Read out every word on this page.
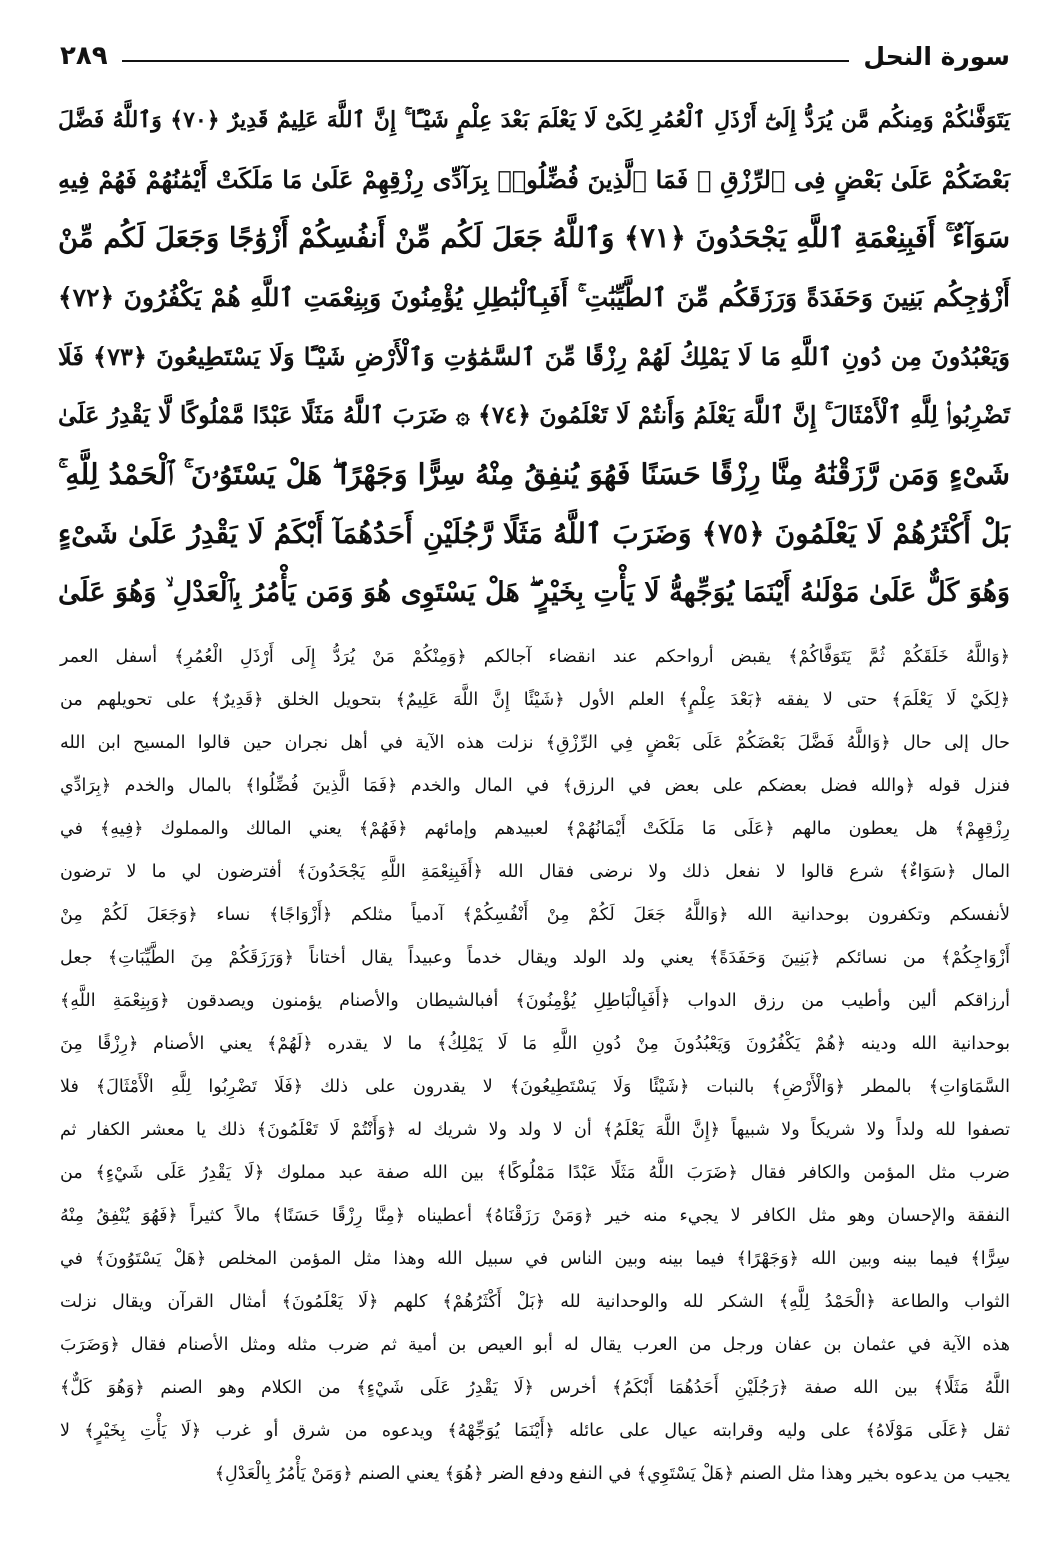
سورة النحل
٢٨٩
يَتَوَفَّىٰكُمْ وَمِنكُم مَّن يُرَدُّ إِلَىٰٓ أَرْذَلِ ٱلْعُمُرِ لِكَىْ لَا يَعْلَمَ بَعْدَ عِلْمٍ شَيْـًٔا ۚ إِنَّ ٱللَّهَ عَلِيمٌ قَدِيرٌ ﴿٧٠﴾ وَٱللَّهُ فَضَّلَ
بَعْضَكُمْ عَلَىٰ بَعْضٍ فِى ٱلرِّزْقِ ۚ فَمَا ٱلَّذِينَ فُضِّلُوا۟ بِرَآدِّى رِزْقِهِمْ عَلَىٰ مَا مَلَكَتْ أَيْمَٰنُهُمْ فَهُمْ فِيهِ
سَوَآءٌ ۚ أَفَبِنِعْمَةِ ٱللَّهِ يَجْحَدُونَ ﴿٧١﴾ وَٱللَّهُ جَعَلَ لَكُم مِّنْ أَنفُسِكُمْ أَزْوَٰجًا وَجَعَلَ لَكُم مِّنْ
أَزْوَٰجِكُم بَنِينَ وَحَفَدَةً وَرَزَقَكُم مِّنَ ٱلطَّيِّبَٰتِ ۚ أَفَبِٱلْبَٰطِلِ يُؤْمِنُونَ وَبِنِعْمَتِ ٱللَّهِ هُمْ يَكْفُرُونَ ﴿٧٢﴾
وَيَعْبُدُونَ مِن دُونِ ٱللَّهِ مَا لَا يَمْلِكُ لَهُمْ رِزْقًا مِّنَ ٱلسَّمَٰوَٰتِ وَٱلْأَرْضِ شَيْـًٔا وَلَا يَسْتَطِيعُونَ ﴿٧٣﴾ فَلَا
تَضْرِبُوا۟ لِلَّهِ ٱلْأَمْثَالَ ۚ إِنَّ ٱللَّهَ يَعْلَمُ وَأَنتُمْ لَا تَعْلَمُونَ ﴿٧٤﴾ ۞ ضَرَبَ ٱللَّهُ مَثَلًا عَبْدًا مَّمْلُوكًا لَّا يَقْدِرُ عَلَىٰ
شَىْءٍ وَمَن رَّزَقْنَٰهُ مِنَّا رِزْقًا حَسَنًا فَهُوَ يُنفِقُ مِنْهُ سِرًّا وَجَهْرًا ۖ هَلْ يَسْتَوُۥنَ ۚ ٱلْحَمْدُ لِلَّهِ ۚ
بَلْ أَكْثَرُهُمْ لَا يَعْلَمُونَ ﴿٧٥﴾ وَضَرَبَ ٱللَّهُ مَثَلًا رَّجُلَيْنِ أَحَدُهُمَآ أَبْكَمُ لَا يَقْدِرُ عَلَىٰ شَىْءٍ
وَهُوَ كَلٌّ عَلَىٰ مَوْلَىٰهُ أَيْنَمَا يُوَجِّههُّ لَا يَأْتِ بِخَيْرٍ ۖ هَلْ يَسْتَوِى هُوَ وَمَن يَأْمُرُ بِٱلْعَدْلِ ۙ وَهُوَ عَلَىٰ
﴿وَاللَّهُ خَلَقَكُمْ ثُمَّ يَتَوَفَّاكُمْ﴾ يقبض أرواحكم عند انقضاء آجالكم ﴿وَمِنْكُمْ مَنْ يُرَدُّ إِلَى أَرْذَلِ الْعُمُرِ﴾ أسفل العمر
﴿لِكَيْ لَا يَعْلَمَ﴾ حتى لا يفقه ﴿بَعْدَ عِلْمٍ﴾ العلم الأول ﴿شَيْئًا إِنَّ اللَّهَ عَلِيمٌ﴾ بتحويل الخلق ﴿قَدِيرٌ﴾ على تحويلهم من
حال إلى حال ﴿وَاللَّهُ فَضَّلَ بَعْضَكُمْ عَلَى بَعْضٍ فِي الرِّزْقِ﴾ نزلت هذه الآية في أهل نجران حين قالوا المسيح ابن الله
فنزل قوله ﴿والله فضل بعضكم على بعض في الرزق﴾ في المال والخدم ﴿فَمَا الَّذِينَ فُضِّلُوا﴾ بالمال والخدم ﴿بِرَادِّي
رِزْقِهِمْ﴾ هل يعطون مالهم ﴿عَلَى مَا مَلَكَتْ أَيْمَانُهُمْ﴾ لعبيدهم وإمائهم ﴿فَهُمْ﴾ يعني المالك والمملوك ﴿فِيهِ﴾ في
المال ﴿سَوَاءٌ﴾ شرع قالوا لا نفعل ذلك ولا نرضى فقال الله ﴿أَفَبِنِعْمَةِ اللَّهِ يَجْحَدُونَ﴾ أفترضون لي ما لا ترضون
لأنفسكم وتكفرون بوحدانية الله ﴿وَاللَّهُ جَعَلَ لَكُمْ مِنْ أَنْفُسِكُمْ﴾ آدمياً مثلكم ﴿أَزْوَاجًا﴾ نساء ﴿وَجَعَلَ لَكُمْ مِنْ
أَزْوَاجِكُمْ﴾ من نسائكم ﴿بَنِينَ وَحَفَدَةً﴾ يعني ولد الولد ويقال خدماً وعبيداً يقال أختاناً ﴿وَرَزَقَكُمْ مِنَ الطَّيِّبَاتِ﴾ جعل
أرزاقكم ألين وأطيب من رزق الدواب ﴿أَفَبِالْبَاطِلِ يُؤْمِنُونَ﴾ أفبالشيطان والأصنام يؤمنون ويصدقون ﴿وَبِنِعْمَةِ اللَّهِ﴾
بوحدانية الله ودينه ﴿هُمْ يَكْفُرُونَ وَيَعْبُدُونَ مِنْ دُونِ اللَّهِ مَا لَا يَمْلِكُ﴾ ما لا يقدره ﴿لَهُمْ﴾ يعني الأصنام ﴿رِزْقًا مِنَ
السَّمَاوَاتِ﴾ بالمطر ﴿وَالْأَرْضِ﴾ بالنبات ﴿شَيْئًا وَلَا يَسْتَطِيعُونَ﴾ لا يقدرون على ذلك ﴿فَلَا تَضْرِبُوا لِلَّهِ الْأَمْثَالَ﴾ فلا
تصفوا لله ولداً ولا شريكاً ولا شبيهاً ﴿إِنَّ اللَّهَ يَعْلَمُ﴾ أن لا ولد ولا شريك له ﴿وَأَنْتُمْ لَا تَعْلَمُونَ﴾ ذلك يا معشر الكفار ثم
ضرب مثل المؤمن والكافر فقال ﴿ضَرَبَ اللَّهُ مَثَلًا عَبْدًا مَمْلُوكًا﴾ بين الله صفة عبد مملوك ﴿لَا يَقْدِرُ عَلَى شَيْءٍ﴾ من
النفقة والإحسان وهو مثل الكافر لا يجيء منه خير ﴿وَمَنْ رَزَقْنَاهُ﴾ أعطيناه ﴿مِنَّا رِزْقًا حَسَنًا﴾ مالاً كثيراً ﴿فَهُوَ يُنْفِقُ مِنْهُ
سِرًّا﴾ فيما بينه وبين الله ﴿وَجَهْرًا﴾ فيما بينه وبين الناس في سبيل الله وهذا مثل المؤمن المخلص ﴿هَلْ يَسْتَوُونَ﴾ في
الثواب والطاعة ﴿الْحَمْدُ لِلَّهِ﴾ الشكر لله والوحدانية لله ﴿بَلْ أَكْثَرُهُمْ﴾ كلهم ﴿لَا يَعْلَمُونَ﴾ أمثال القرآن ويقال نزلت
هذه الآية في عثمان بن عفان ورجل من العرب يقال له أبو العيص بن أمية ثم ضرب مثله ومثل الأصنام فقال ﴿وَضَرَبَ
اللَّهُ مَثَلًا﴾ بين الله صفة ﴿رَجُلَيْنِ أَحَدُهُمَا أَبْكَمُ﴾ أخرس ﴿لَا يَقْدِرُ عَلَى شَيْءٍ﴾ من الكلام وهو الصنم ﴿وَهُوَ كَلٌّ﴾
ثقل ﴿عَلَى مَوْلَاهُ﴾ على وليه وقرابته عيال على عائله ﴿أَيْنَمَا يُوَجِّهْهُ﴾ ويدعوه من شرق أو غرب ﴿لَا يَأْتِ بِخَيْرٍ﴾ لا
يجيب من يدعوه بخير وهذا مثل الصنم ﴿هَلْ يَسْتَوِي﴾ في النفع ودفع الضر ﴿هُوَ﴾ يعني الصنم ﴿وَمَنْ يَأْمُرُ بِالْعَدْلِ﴾
